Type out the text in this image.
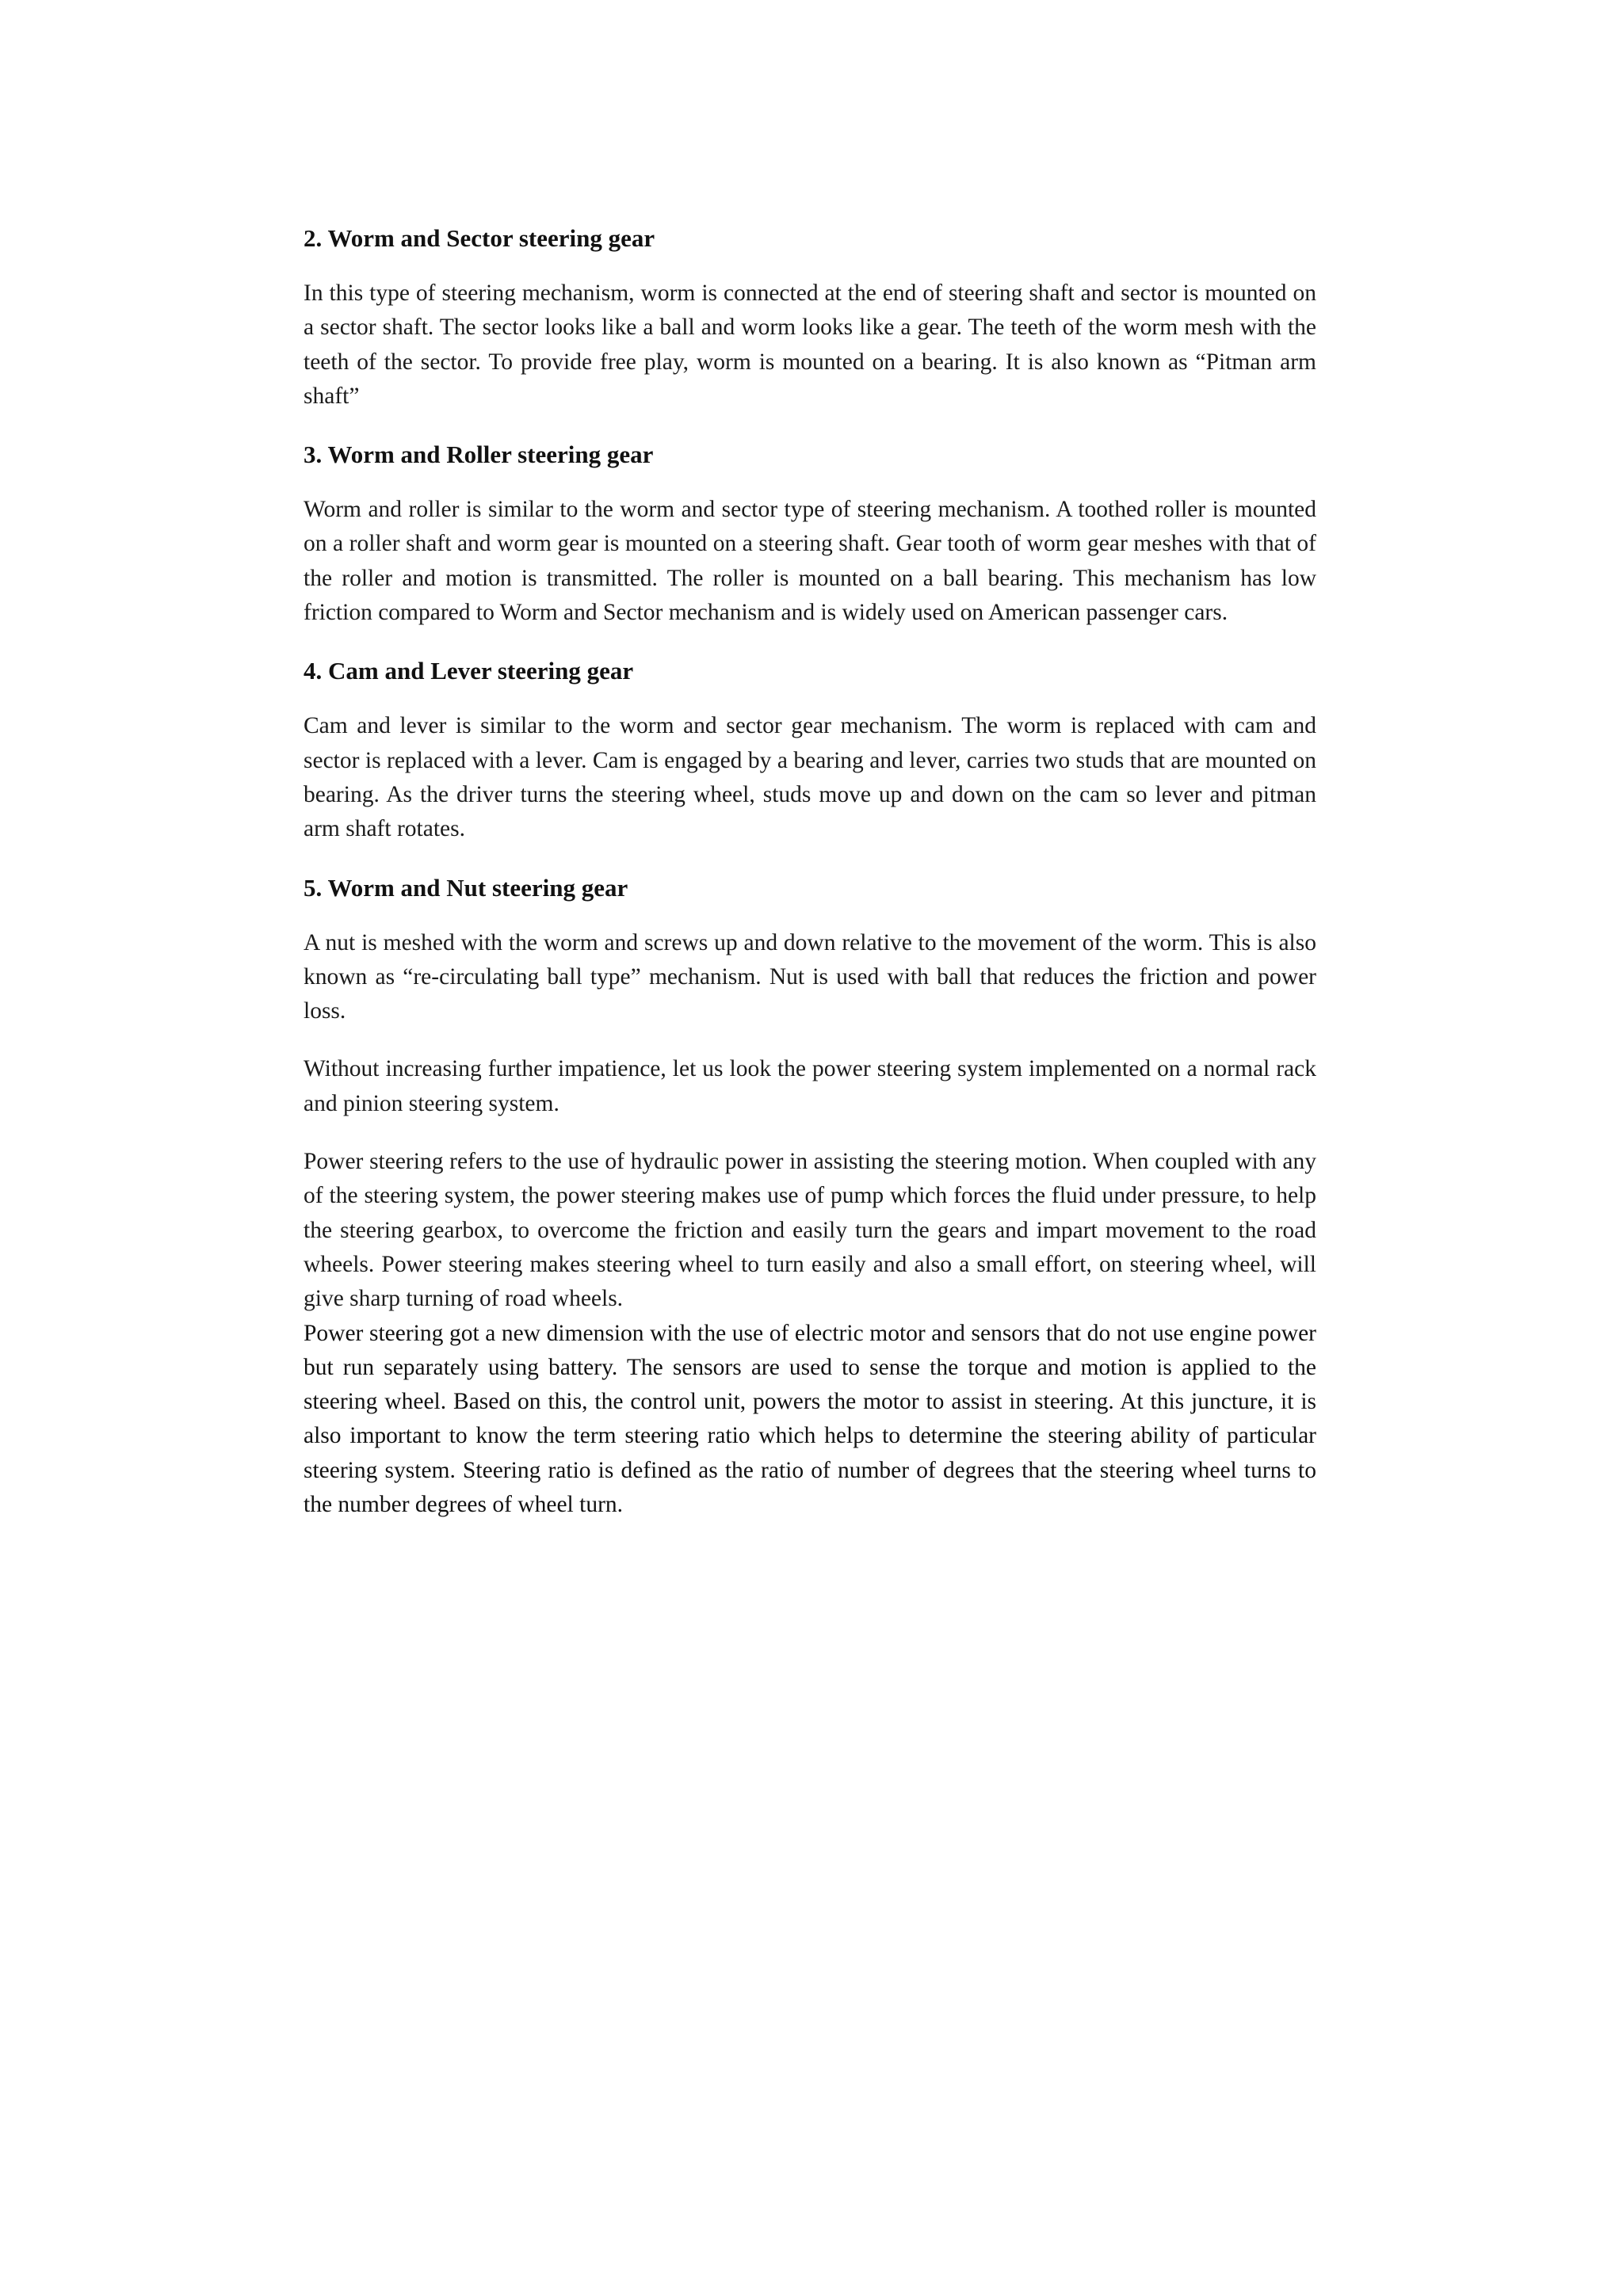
2. Worm and Sector steering gear
In this type of steering mechanism, worm is connected at the end of steering shaft and sector is mounted on a sector shaft. The sector looks like a ball and worm looks like a gear. The teeth of the worm mesh with the teeth of the sector. To provide free play, worm is mounted on a bearing. It is also known as “Pitman arm shaft”
3. Worm and Roller steering gear
Worm and roller is similar to the worm and sector type of steering mechanism. A toothed roller is mounted on a roller shaft and worm gear is mounted on a steering shaft. Gear tooth of worm gear meshes with that of the roller and motion is transmitted. The roller is mounted on a ball bearing. This mechanism has low friction compared to Worm and Sector mechanism and is widely used on American passenger cars.
4. Cam and Lever steering gear
Cam and lever is similar to the worm and sector gear mechanism. The worm is replaced with cam and sector is replaced with a lever. Cam is engaged by a bearing and lever, carries two studs that are mounted on bearing. As the driver turns the steering wheel, studs move up and down on the cam so lever and pitman arm shaft rotates.
5. Worm and Nut steering gear
A nut is meshed with the worm and screws up and down relative to the movement of the worm. This is also known as “re-circulating ball type” mechanism. Nut is used with ball that reduces the friction and power loss.
Without increasing further impatience, let us look the power steering system implemented on a normal rack and pinion steering system.
Power steering refers to the use of hydraulic power in assisting the steering motion. When coupled with any of the steering system, the power steering makes use of pump which forces the fluid under pressure, to help the steering gearbox, to overcome the friction and easily turn the gears and impart movement to the road wheels. Power steering makes steering wheel to turn easily and also a small effort, on steering wheel, will give sharp turning of road wheels.
Power steering got a new dimension with the use of electric motor and sensors that do not use engine power but run separately using battery. The sensors are used to sense the torque and motion is applied to the steering wheel. Based on this, the control unit, powers the motor to assist in steering. At this juncture, it is also important to know the term steering ratio which helps to determine the steering ability of particular steering system. Steering ratio is defined as the ratio of number of degrees that the steering wheel turns to the number degrees of wheel turn.
